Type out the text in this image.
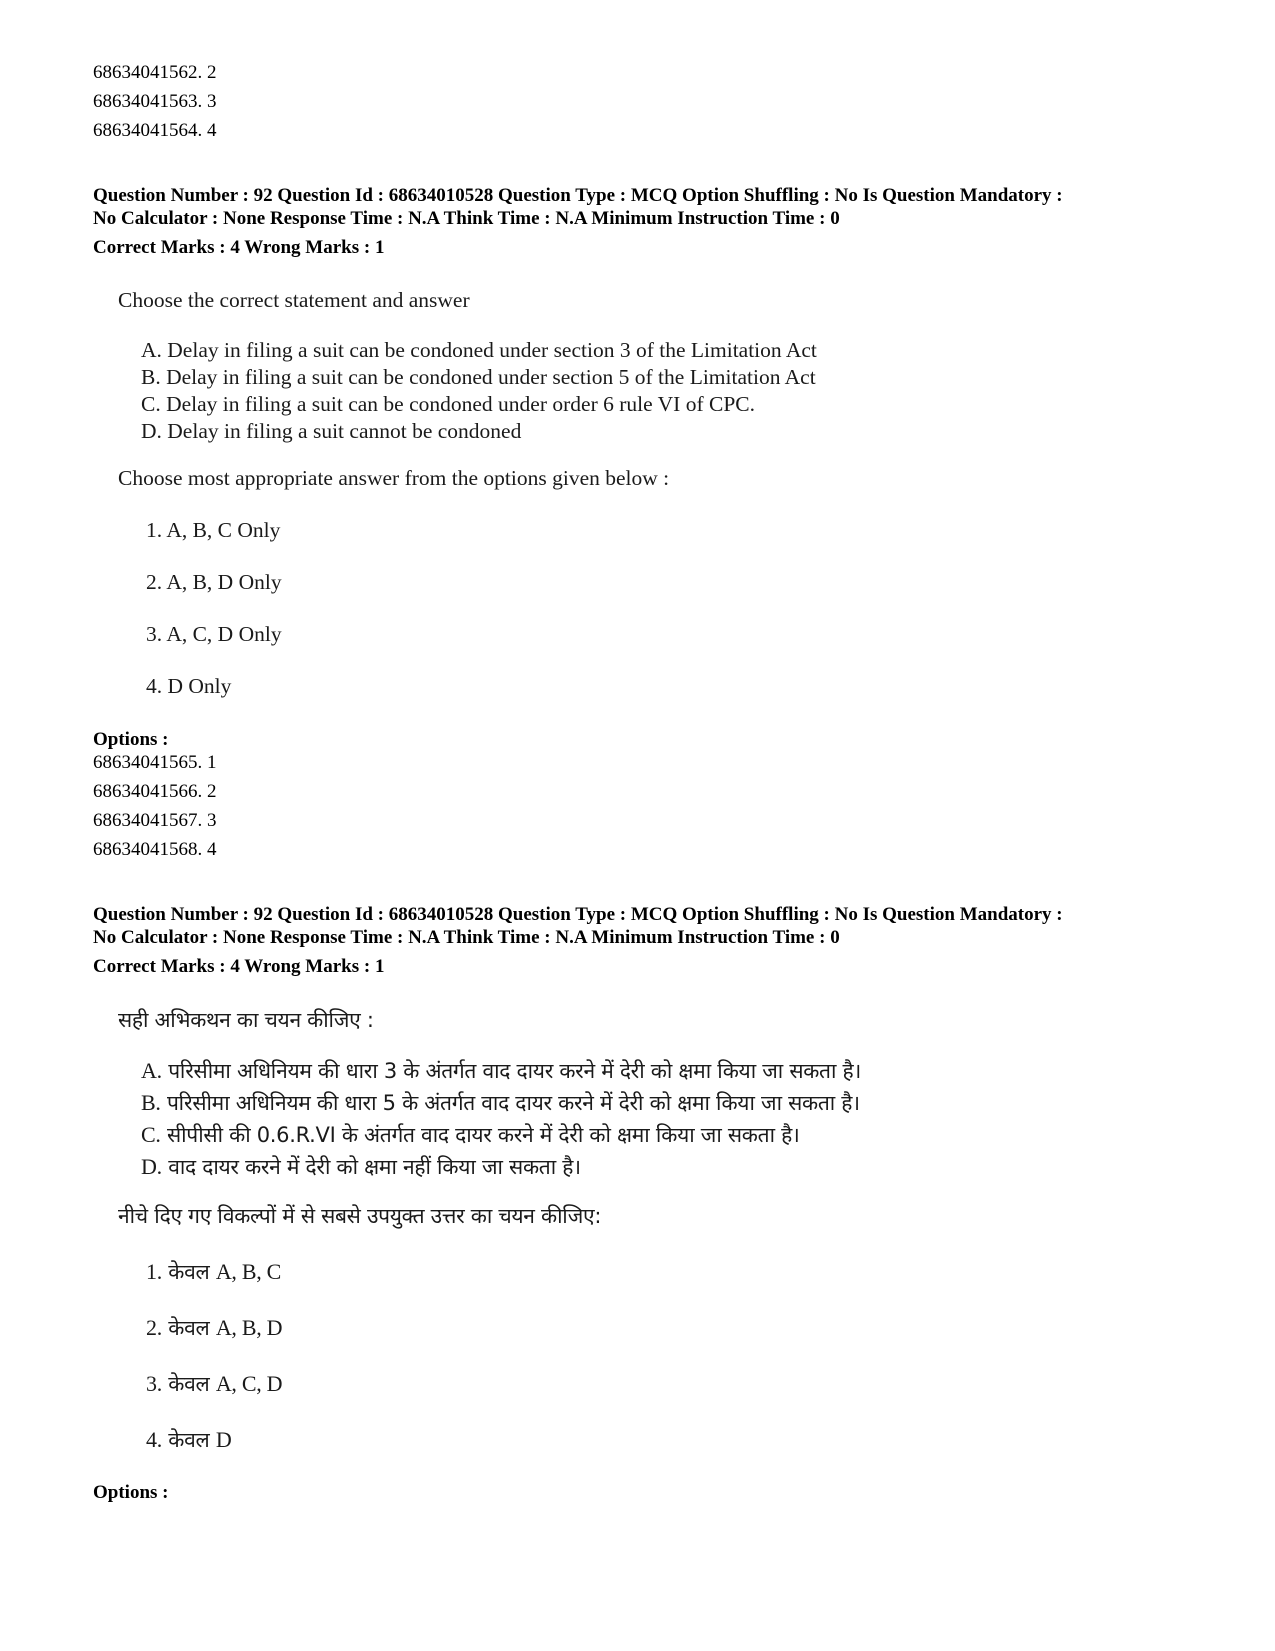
68634041562. 2
68634041563. 3
68634041564. 4
Question Number : 92 Question Id : 68634010528 Question Type : MCQ Option Shuffling : No Is Question Mandatory :
No Calculator : None Response Time : N.A Think Time : N.A Minimum Instruction Time : 0
Correct Marks : 4 Wrong Marks : 1
Choose the correct statement and answer
A. Delay in filing a suit can be condoned under section 3 of the Limitation Act
B. Delay in filing a suit can be condoned under section 5 of the Limitation Act
C. Delay in filing a suit can be condoned under order 6 rule VI of CPC.
D. Delay in filing a suit cannot be condoned
Choose most appropriate answer from the options given below :
1. A, B, C Only
2. A, B, D Only
3. A, C, D Only
4. D Only
Options :
68634041565. 1
68634041566. 2
68634041567. 3
68634041568. 4
Question Number : 92 Question Id : 68634010528 Question Type : MCQ Option Shuffling : No Is Question Mandatory :
No Calculator : None Response Time : N.A Think Time : N.A Minimum Instruction Time : 0
Correct Marks : 4 Wrong Marks : 1
सही अभिकथन का चयन कीजिए :
A. परिसीमा अधिनियम की धारा 3 के अंतर्गत वाद दायर करने में देरी को क्षमा किया जा सकता है।
B. परिसीमा अधिनियम की धारा 5 के अंतर्गत वाद दायर करने में देरी को क्षमा किया जा सकता है।
C. सीपीसी की 0.6.R.VI के अंतर्गत वाद दायर करने में देरी को क्षमा किया जा सकता है।
D. वाद दायर करने में देरी को क्षमा नहीं किया जा सकता है।
नीचे दिए गए विकल्पों में से सबसे उपयुक्त उत्तर का चयन कीजिए:
1. केवल A, B, C
2. केवल A, B, D
3. केवल A, C, D
4. केवल D
Options :
